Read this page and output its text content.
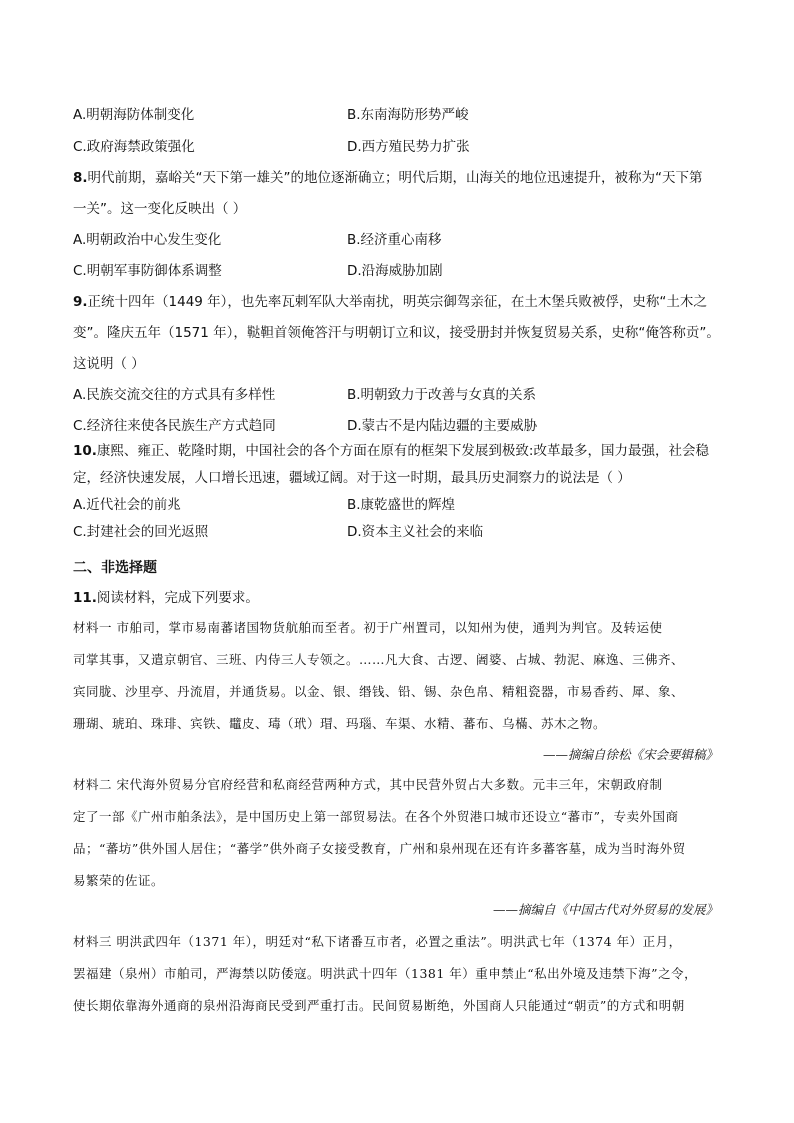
A.明朝海防体制变化	B.东南海防形势严峻
C.政府海禁政策强化	D.西方殖民势力扩张
8.明代前期，嘉峪关“天下第一雄关”的地位逐渐确立；明代后期，山海关的地位迅速提升，被称为“天下第
一关”。这一变化反映出（ ）
A.明朝政治中心发生变化	B.经济重心南移
C.明朝军事防御体系调整	D.沿海威胁加剧
9.正统十四年（1449 年），也先率瓦剌军队大举南扰，明英宗御驾亲征，在土木堡兵败被俘，史称“土木之
变”。隆庆五年（1571 年），鞑靼首领俺答汗与明朝订立和议，接受册封并恢复贸易关系，史称“俺答称贡”。
这说明（ ）
A.民族交流交往的方式具有多样性	B.明朝致力于改善与女真的关系
C.经济往来使各民族生产方式趋同	D.蒙古不是内陆边疆的主要威胁
10.康熙、雍正、乾隆时期，中国社会的各个方面在原有的框架下发展到极致:改革最多，国力最强，社会稳
定，经济快速发展，人口增长迅速，疆域辽阔。对于这一时期，最具历史洞察力的说法是（ ）
A.近代社会的前兆	B.康乾盛世的辉煌
C.封建社会的回光返照	D.资本主义社会的来临
二、非选择题
11.阅读材料，完成下列要求。
材料一 市舶司，掌市易南蕃诸国物货航舶而至者。初于广州置司，以知州为使，通判为判官。及转运使
司掌其事，又遣京朝官、三班、内侍三人专领之。……凡大食、古逻、阇婆、占城、勃泥、麻逸、三佛齐、
宾同胧、沙里亭、丹流眉，并通货易。以金、银、缗钱、铅、锡、杂色帛、精粗瓷器，市易香药、犀、象、
珊瑚、琥珀、珠琲、宾铁、鼊皮、瑇（玳）瑁、玛瑙、车渠、水精、蕃布、乌樠、苏木之物。
——摘编自徐松《宋会要辑稿》
材料二 宋代海外贸易分官府经营和私商经营两种方式，其中民营外贸占大多数。元丰三年，宋朝政府制
定了一部《广州市舶条法》，是中国历史上第一部贸易法。在各个外贸港口城市还设立“蕃市”，专卖外国商
品；“蕃坊”供外国人居住；“蕃学”供外商子女接受教育，广州和泉州现在还有许多蕃客墓，成为当时海外贸
易繁荣的佐证。
——摘编自《中国古代对外贸易的发展》
材料三 明洪武四年（1371 年），明廷对“私下诸番互市者，必置之重法”。明洪武七年（1374 年）正月，
罢福建（泉州）市舶司，严海禁以防倭寇。明洪武十四年（1381 年）重申禁止“私出外境及违禁下海”之令，
使长期依靠海外通商的泉州沿海商民受到严重打击。民间贸易断绝，外国商人只能通过“朝贡”的方式和明朝
